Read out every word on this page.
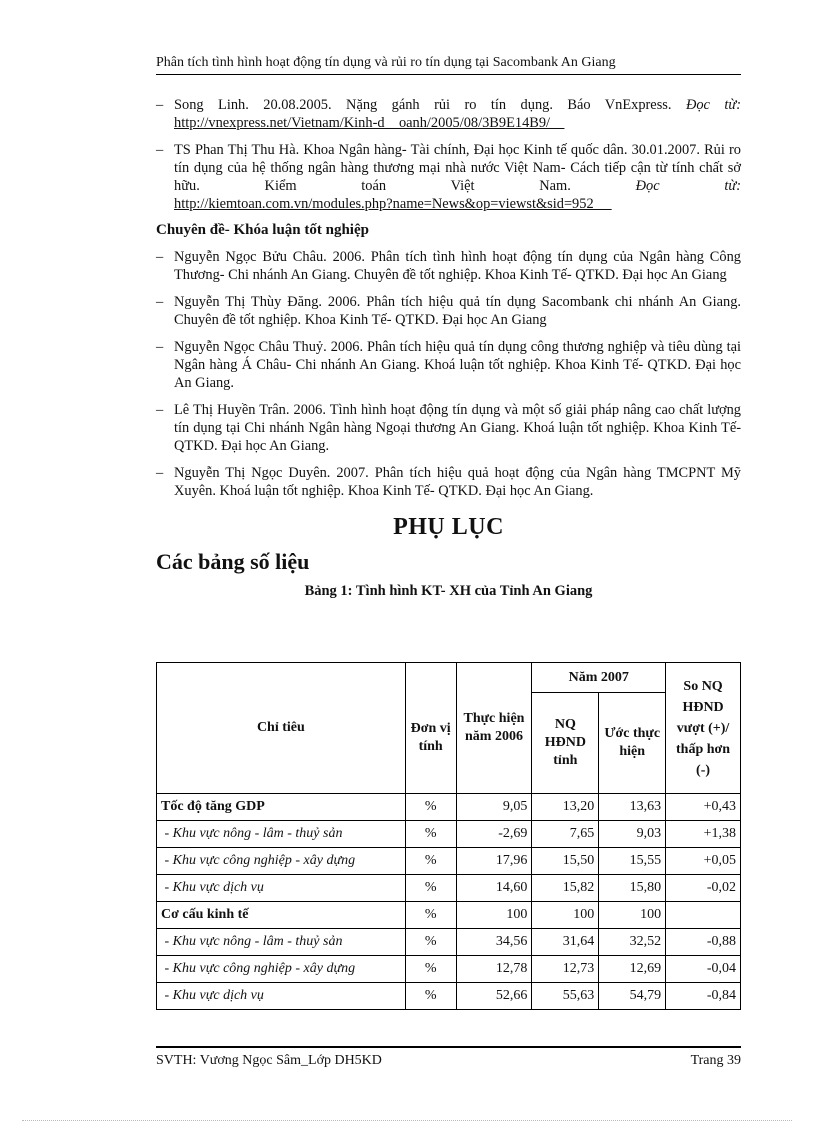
Phân tích tình hình hoạt động tín dụng và rủi ro tín dụng tại Sacombank An Giang
– Song Linh. 20.08.2005. Nặng gánh rủi ro tín dụng. Báo VnExpress. Đọc từ: http://vnexpress.net/Vietnam/Kinh-d    oanh/2005/08/3B9E14B9/
– TS Phan Thị Thu Hà. Khoa Ngân hàng- Tài chính, Đại học Kinh tế quốc dân. 30.01.2007. Rủi ro tín dụng của hệ thống ngân hàng thương mại nhà nước Việt Nam- Cách tiếp cận từ tính chất sở hữu. Kiểm toán Việt Nam. Đọc từ: http://kiemtoan.com.vn/modules.php?name=News&op=viewst&sid=952
Chuyên đề- Khóa luận tốt nghiệp
– Nguyễn Ngọc Bửu Châu. 2006. Phân tích tình hình hoạt động tín dụng của Ngân hàng Công Thương- Chi nhánh An Giang. Chuyên đề tốt nghiệp. Khoa Kinh Tế- QTKD. Đại học An Giang
– Nguyễn Thị Thùy Đăng. 2006. Phân tích hiệu quả tín dụng Sacombank chi nhánh An Giang. Chuyên đề tốt nghiệp. Khoa Kinh Tế- QTKD. Đại học An Giang
– Nguyễn Ngọc Châu Thuỷ. 2006. Phân tích hiệu quả tín dụng công thương nghiệp và tiêu dùng tại Ngân hàng Á Châu- Chi nhánh An Giang. Khoá luận tốt nghiệp. Khoa Kinh Tế- QTKD. Đại học An Giang.
– Lê Thị Huyền Trân. 2006. Tình hình hoạt động tín dụng và một số giải pháp nâng cao chất lượng tín dụng tại Chi nhánh Ngân hàng Ngoại thương An Giang. Khoá luận tốt nghiệp. Khoa Kinh Tế- QTKD. Đại học An Giang.
– Nguyễn Thị Ngọc Duyên. 2007. Phân tích hiệu quả hoạt động của Ngân hàng TMCPNT Mỹ Xuyên. Khoá luận tốt nghiệp. Khoa Kinh Tế- QTKD. Đại học An Giang.
PHỤ LỤC
Các bảng số liệu
Bảng 1: Tình hình KT- XH của Tỉnh An Giang
Chỉ tiêu	Đơn vị tính	Thực hiện năm 2006	Năm 2007		So NQ HĐND vượt (+)/ thấp hơn (-)
			NQ HĐND tỉnh	Ước thực hiện	
Tốc độ tăng GDP	%	9,05	13,20	13,63	+0,43
- Khu vực nông - lâm - thuỷ sản	%	-2,69	7,65	9,03	+1,38
- Khu vực công nghiệp - xây dựng	%	17,96	15,50	15,55	+0,05
- Khu vực dịch vụ	%	14,60	15,82	15,80	-0,02
Cơ cấu kinh tế	%	100	100	100	
- Khu vực nông - lâm - thuỷ sản	%	34,56	31,64	32,52	-0,88
- Khu vực công nghiệp - xây dựng	%	12,78	12,73	12,69	-0,04
- Khu vực dịch vụ	%	52,66	55,63	54,79	-0,84
SVTH: Vương Ngọc Sâm_Lớp DH5KD	Trang 39
